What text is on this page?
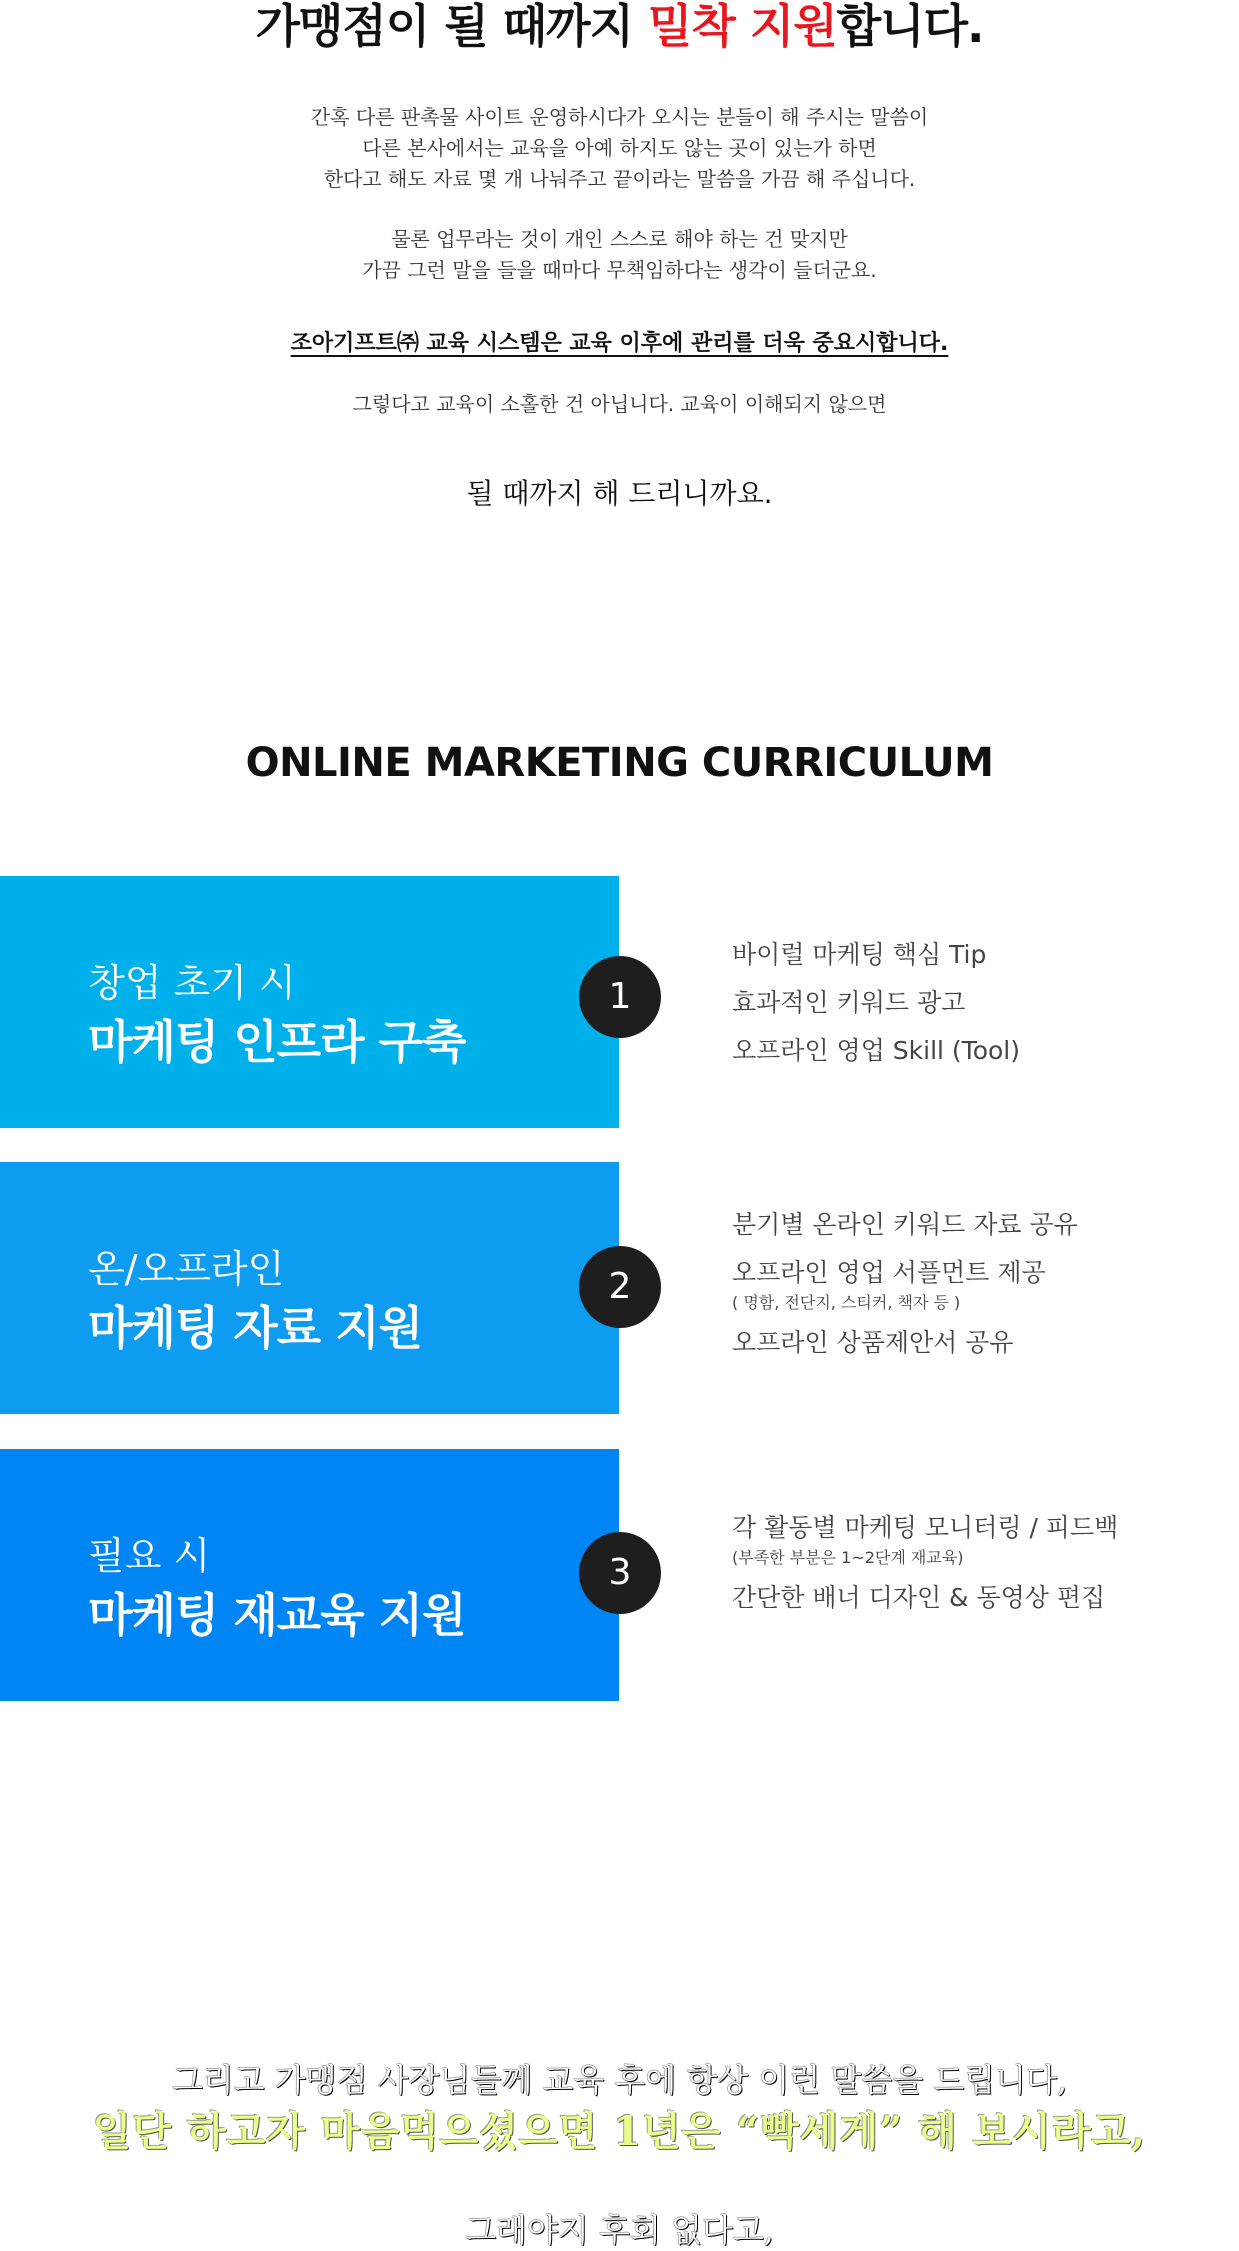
가맹점이 될 때까지 밀착 지원합니다.
간혹 다른 판촉물 사이트 운영하시다가 오시는 분들이 해 주시는 말씀이
다른 본사에서는 교육을 아예 하지도 않는 곳이 있는가 하면
한다고 해도 자료 몇 개 나눠주고 끝이라는 말씀을 가끔 해 주십니다.
물론 업무라는 것이 개인 스스로 해야 하는 건 맞지만
가끔 그런 말을 들을 때마다 무책임하다는 생각이 들더군요.
조아기프트㈜ 교육 시스템은 교육 이후에 관리를 더욱 중요시합니다.
그렇다고 교육이 소홀한 건 아닙니다. 교육이 이해되지 않으면
될 때까지 해 드리니까요.
ONLINE MARKETING CURRICULUM
창업 초기 시
마케팅 인프라 구축
1
바이럴 마케팅 핵심 Tip
효과적인 키워드 광고
오프라인 영업 Skill (Tool)
온/오프라인
마케팅 자료 지원
2
분기별 온라인 키워드 자료 공유
오프라인 영업 서플먼트 제공
( 명함, 전단지, 스티커, 책자 등 )
오프라인 상품제안서 공유
필요 시
마케팅 재교육 지원
3
각 활동별 마케팅 모니터링 / 피드백
(부족한 부분은 1~2단계 재교육)
간단한 배너 디자인 & 동영상 편집
그리고 가맹점 사장님들께 교육 후에 항상 이런 말씀을 드립니다,
일단 하고자 마음먹으셨으면 1년은 “빡세게” 해 보시라고,
그래야지 후회 없다고,
